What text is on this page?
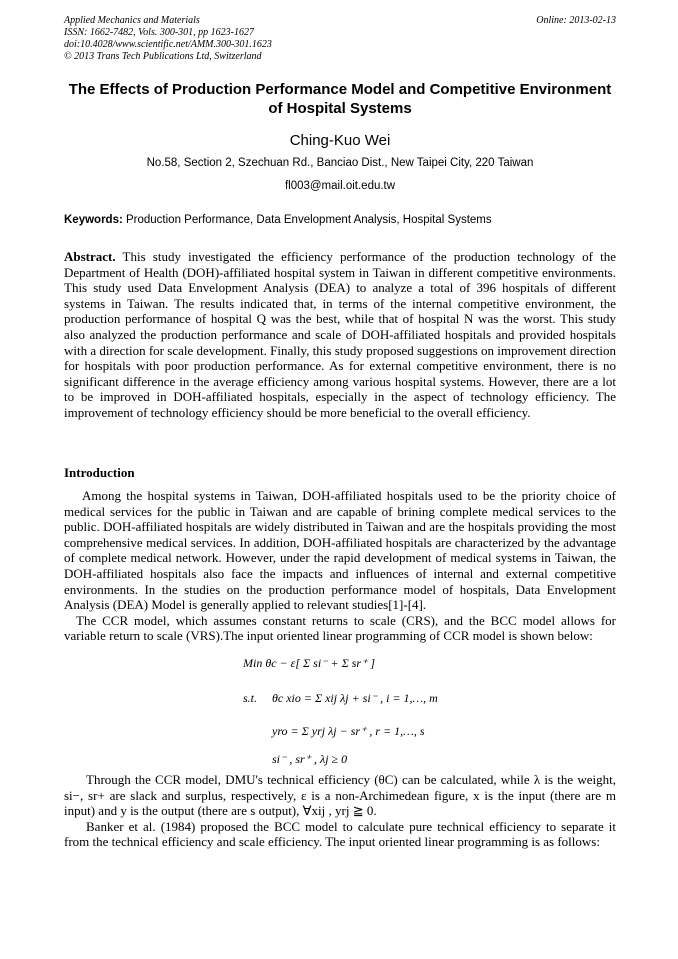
Applied Mechanics and Materials
ISSN: 1662-7482, Vols. 300-301, pp 1623-1627
doi:10.4028/www.scientific.net/AMM.300-301.1623
© 2013 Trans Tech Publications Ltd, Switzerland
Online: 2013-02-13
The Effects of Production Performance Model and Competitive Environment of Hospital Systems
Ching-Kuo Wei
No.58, Section 2, Szechuan Rd., Banciao Dist., New Taipei City, 220 Taiwan
fl003@mail.oit.edu.tw
Keywords: Production Performance, Data Envelopment Analysis, Hospital Systems
Abstract. This study investigated the efficiency performance of the production technology of the Department of Health (DOH)-affiliated hospital system in Taiwan in different competitive environments. This study used Data Envelopment Analysis (DEA) to analyze a total of 396 hospitals of different systems in Taiwan. The results indicated that, in terms of the internal competitive environment, the production performance of hospital Q was the best, while that of hospital N was the worst. This study also analyzed the production performance and scale of DOH-affiliated hospitals and provided hospitals with a direction for scale development. Finally, this study proposed suggestions on improvement direction for hospitals with poor production performance. As for external competitive environment, there is no significant difference in the average efficiency among various hospital systems. However, there are a lot to be improved in DOH-affiliated hospitals, especially in the aspect of technology efficiency. The improvement of technology efficiency should be more beneficial to the overall efficiency.
Introduction

Among the hospital systems in Taiwan, DOH-affiliated hospitals used to be the priority choice of medical services for the public in Taiwan and are capable of brining complete medical services to the public. DOH-affiliated hospitals are widely distributed in Taiwan and are the hospitals providing the most comprehensive medical services. In addition, DOH-affiliated hospitals are characterized by the advantage of complete medical network. However, under the rapid development of medical systems in Taiwan, the DOH-affiliated hospitals also face the impacts and influences of internal and external competitive environments. In the studies on the production performance model of hospitals, Data Envelopment Analysis (DEA) Model is generally applied to relevant studies[1]-[4].

The CCR model, which assumes constant returns to scale (CRS), and the BCC model allows for variable return to scale (VRS).The input oriented linear programming of CCR model is shown below:

Min θc − ε[ Σ si⁻ + Σ sr⁺ ]
s.t. θc xio = Σ xij λj + si⁻ , i = 1,…, m
yro = Σ yrj λj − sr⁺ , r = 1,…, s
si⁻ , sr⁺ , λj ≥ 0

Through the CCR model, DMU's technical efficiency (θC) can be calculated, while λ is the weight, si−, sr+ are slack and surplus, respectively, ε is a non-Archimedean figure, x is the input (there are m input) and y is the output (there are s output), ∀xij , yrj ≧ 0.

Banker et al. (1984) proposed the BCC model to calculate pure technical efficiency to separate it from the technical efficiency and scale efficiency. The input oriented linear programming is as follows:
